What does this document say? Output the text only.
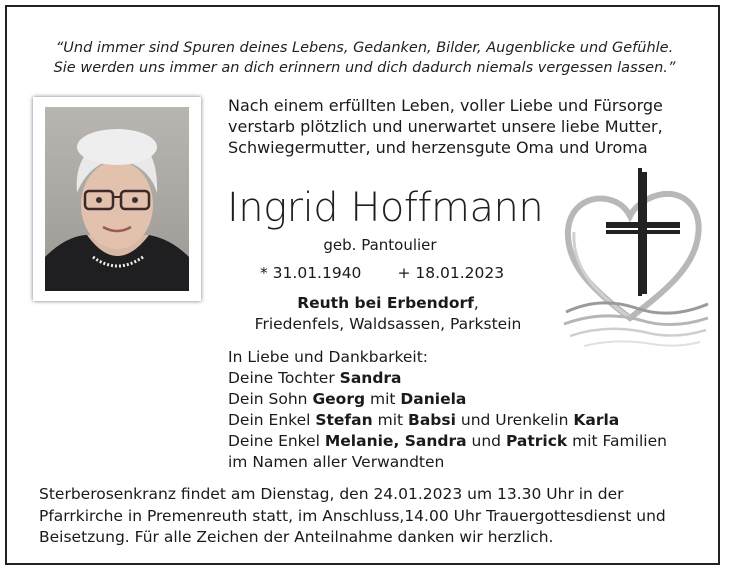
“Und immer sind Spuren deines Lebens, Gedanken, Bilder, Augenblicke und Gefühle.
Sie werden uns immer an dich erinnern und dich dadurch niemals vergessen lassen.”
Nach einem erfüllten Leben, voller Liebe und Fürsorge
verstarb plötzlich und unerwartet unsere liebe Mutter,
Schwiegermutter, und herzensgute Oma und Uroma
Ingrid Hoffmann
geb. Pantoulier
* 31.01.1940 + 18.01.2023
Reuth bei Erbendorf,
Friedenfels, Waldsassen, Parkstein
In Liebe und Dankbarkeit:
Deine Tochter Sandra
Dein Sohn Georg mit Daniela
Dein Enkel Stefan mit Babsi und Urenkelin Karla
Deine Enkel Melanie, Sandra und Patrick mit Familien
im Namen aller Verwandten
Sterberosenkranz findet am Dienstag, den 24.01.2023 um 13.30 Uhr in der
Pfarrkirche in Premenreuth statt, im Anschluss,14.00 Uhr Trauergottesdienst und
Beisetzung. Für alle Zeichen der Anteilnahme danken wir herzlich.
